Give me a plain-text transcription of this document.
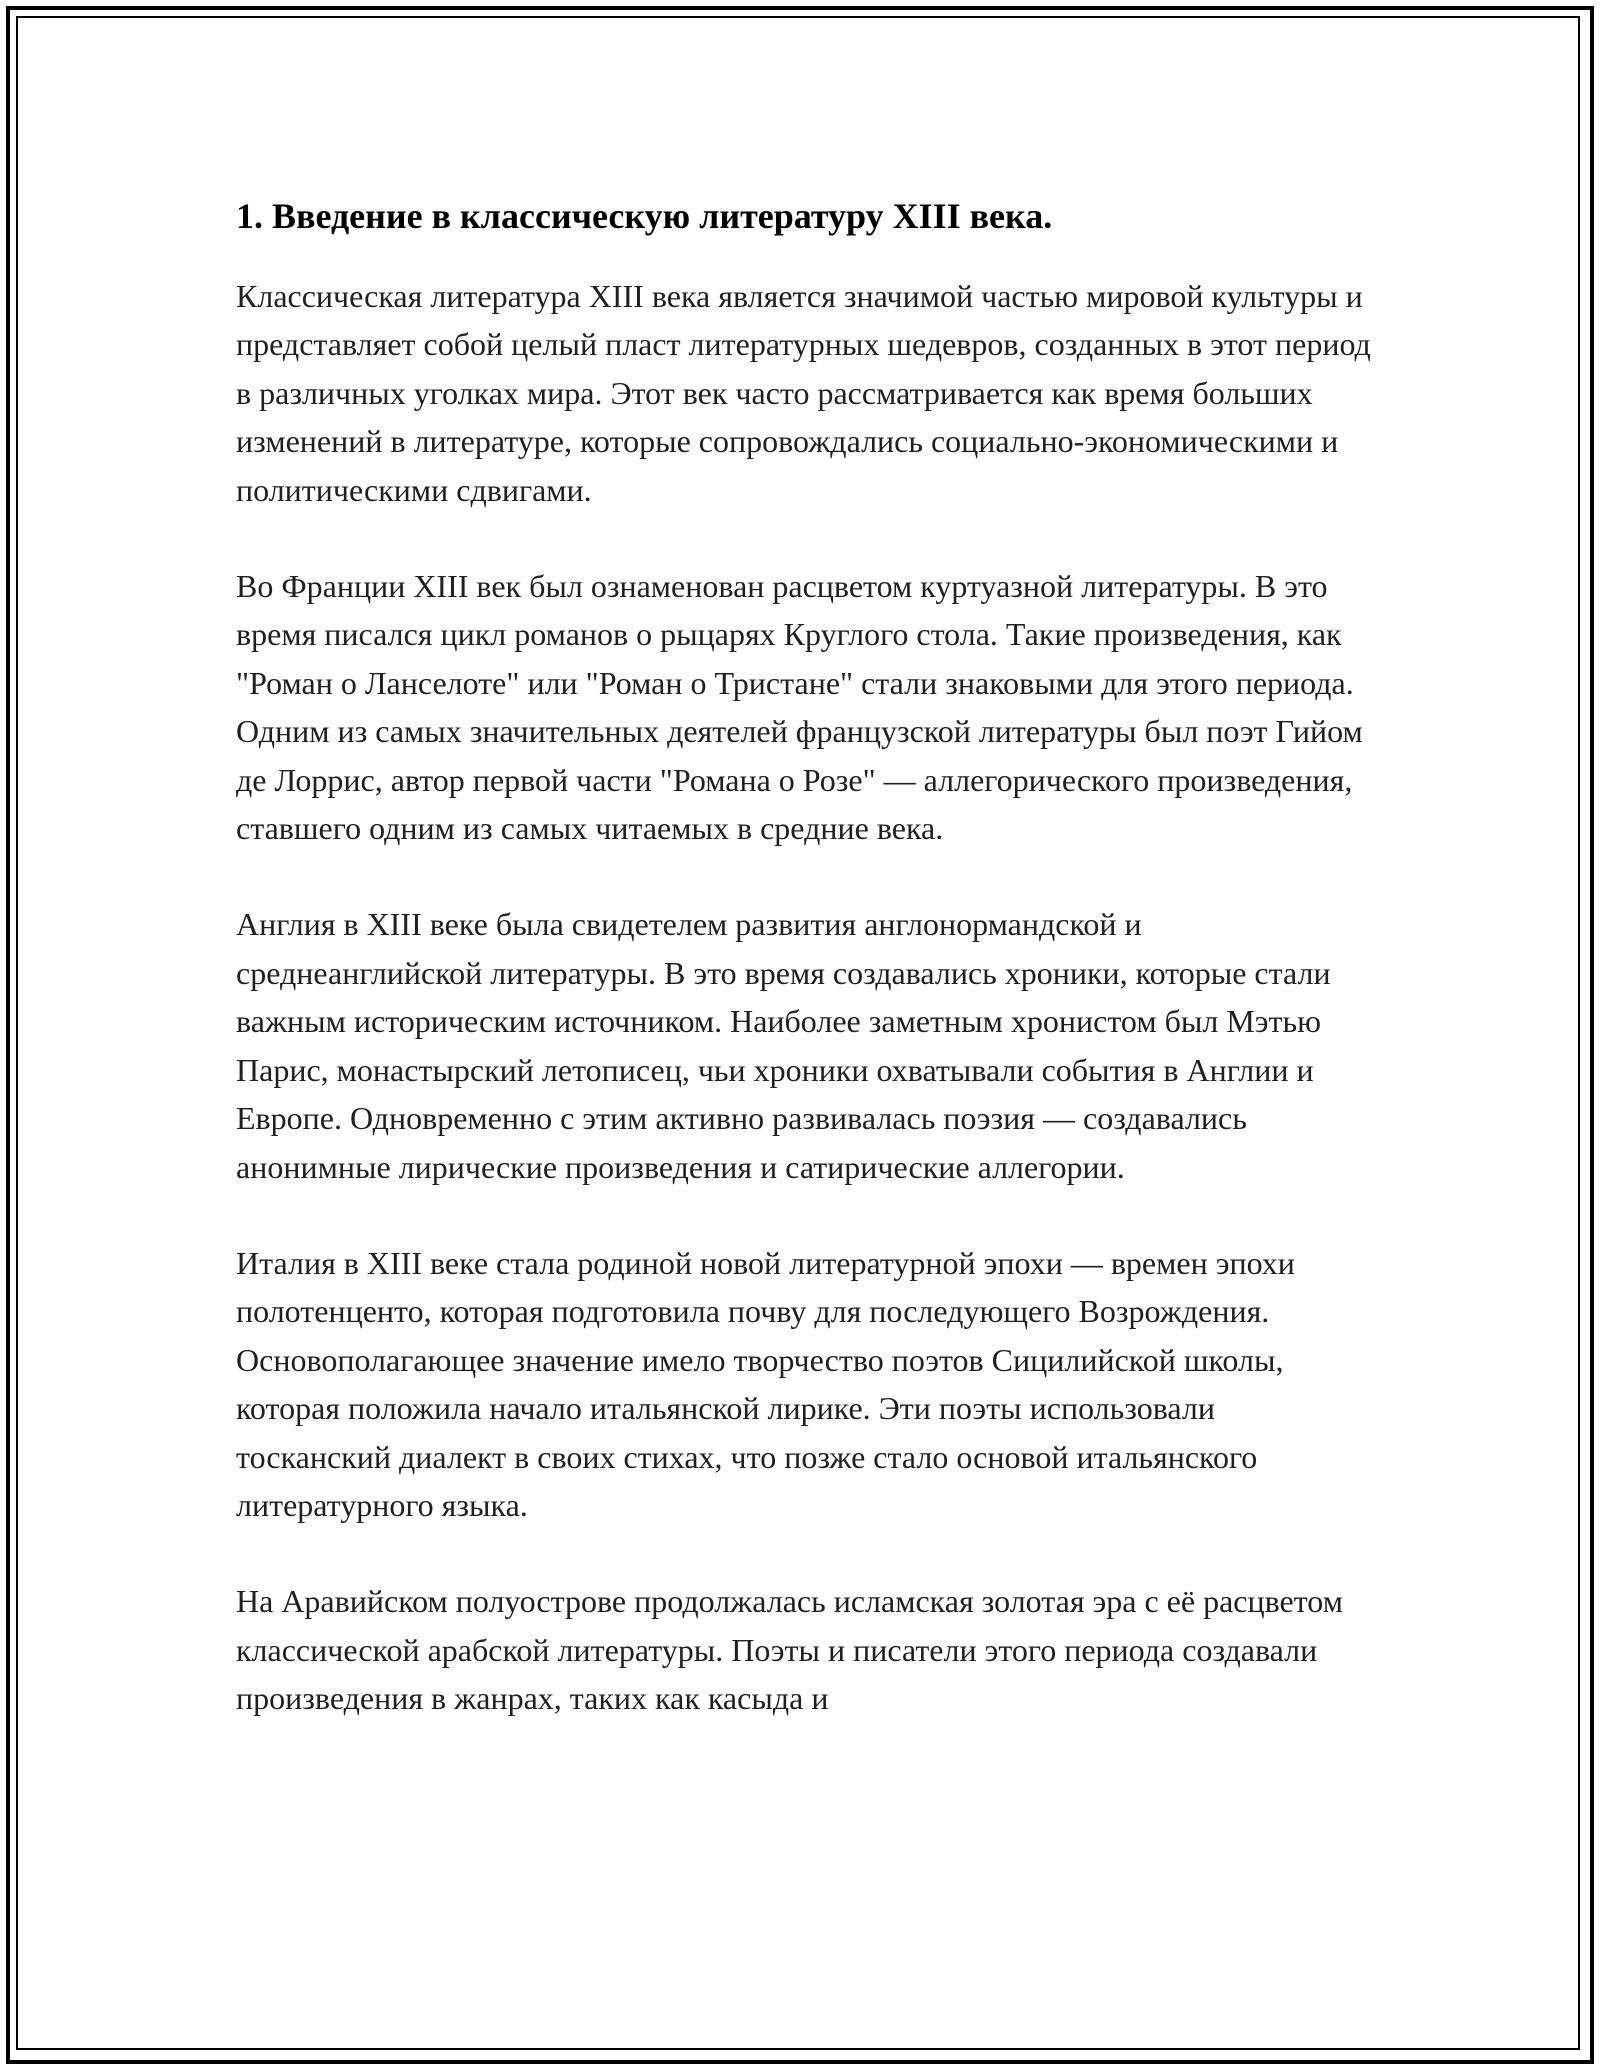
1. Введение в классическую литературу XIII века.

Классическая литература XIII века является значимой частью мировой культуры и представляет собой целый пласт литературных шедевров, созданных в этот период в различных уголках мира. Этот век часто рассматривается как время больших изменений в литературе, которые сопровождались социально-экономическими и политическими сдвигами.

Во Франции XIII век был ознаменован расцветом куртуазной литературы. В это время писался цикл романов о рыцарях Круглого стола. Такие произведения, как "Роман о Ланселоте" или "Роман о Тристане" стали знаковыми для этого периода. Одним из самых значительных деятелей французской литературы был поэт Гийом де Лоррис, автор первой части "Романа о Розе" — аллегорического произведения, ставшего одним из самых читаемых в средние века.

Англия в XIII веке была свидетелем развития англонормандской и среднеанглийской литературы. В это время создавались хроники, которые стали важным историческим источником. Наиболее заметным хронистом был Мэтью Парис, монастырский летописец, чьи хроники охватывали события в Англии и Европе. Одновременно с этим активно развивалась поэзия — создавались анонимные лирические произведения и сатирические аллегории.

Италия в XIII веке стала родиной новой литературной эпохи — времен эпохи полотенценто, которая подготовила почву для последующего Возрождения. Основополагающее значение имело творчество поэтов Сицилийской школы, которая положила начало итальянской лирике. Эти поэты использовали тосканский диалект в своих стихах, что позже стало основой итальянского литературного языка.

На Аравийском полуострове продолжалась исламская золотая эра с её расцветом классической арабской литературы. Поэты и писатели этого периода создавали произведения в жанрах, таких как касыда и
